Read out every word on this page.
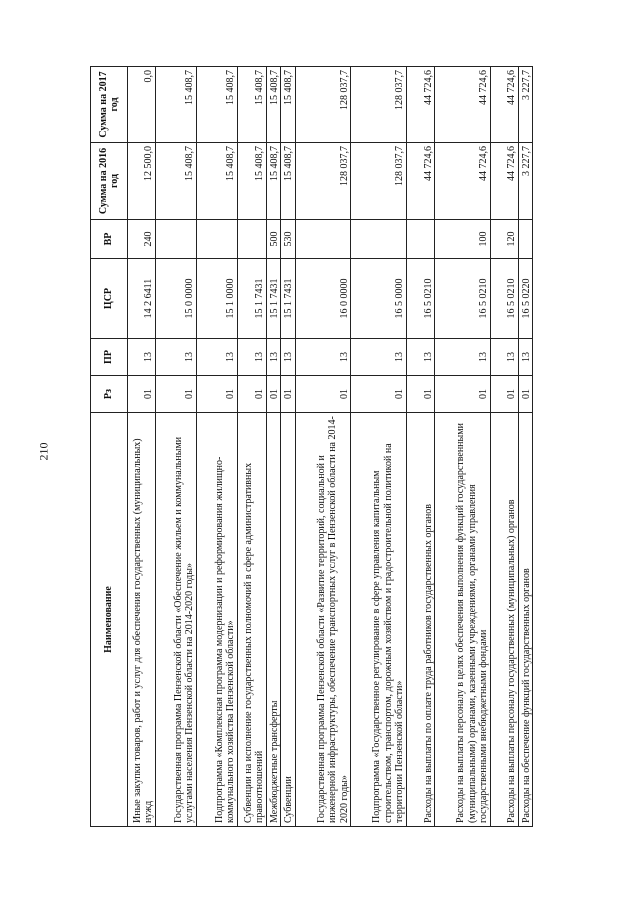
210
Наименование	Рз	ПР	ЦСР	ВР	Сумма на 2016 год	Сумма на 2017 год
Иные закупки товаров, работ и услуг для обеспечения государственных (муниципальных) нужд	01	13	14 2 6411	240	12 500,0	0,0
Государственная программа Пензенской области «Обеспечение жильем и коммунальными услугами населения Пензенской области на 2014-2020 годы»	01	13	15 0 0000		15 408,7	15 408,7
Подпрограмма «Комплексная программа модернизации и реформирования жилищно-коммунального хозяйства Пензенской области»	01	13	15 1 0000		15 408,7	15 408,7
Субвенции на исполнение государственных полномочий в сфере административных правоотношений	01	13	15 1 7431		15 408,7	15 408,7
Межбюджетные трансферты	01	13	15 1 7431	500	15 408,7	15 408,7
Субвенции	01	13	15 1 7431	530	15 408,7	15 408,7
Государственная программа Пензенской области «Развитие территорий, социальной и инженерной инфраструктуры, обеспечение транспортных услуг в Пензенской области на 2014-2020 годы»	01	13	16 0 0000		128 037,7	128 037,7
Подпрограмма «Государственное регулирование в сфере управления капитальным строительством, транспортом, дорожным хозяйством и градостроительной политикой на территории Пензенской области»	01	13	16 5 0000		128 037,7	128 037,7
Расходы на выплаты по оплате труда работников государственных органов	01	13	16 5 0210		44 724,6	44 724,6
Расходы на выплаты персоналу в целях обеспечения выполнения функций государственными (муниципальными) органами, казенными учреждениями, органами управления государственными внебюджетными фондами	01	13	16 5 0210	100	44 724,6	44 724,6
Расходы на выплаты персоналу государственных (муниципальных) органов	01	13	16 5 0210	120	44 724,6	44 724,6
Расходы на обеспечение функций государственных органов	01	13	16 5 0220		3 227,7	3 227,7
